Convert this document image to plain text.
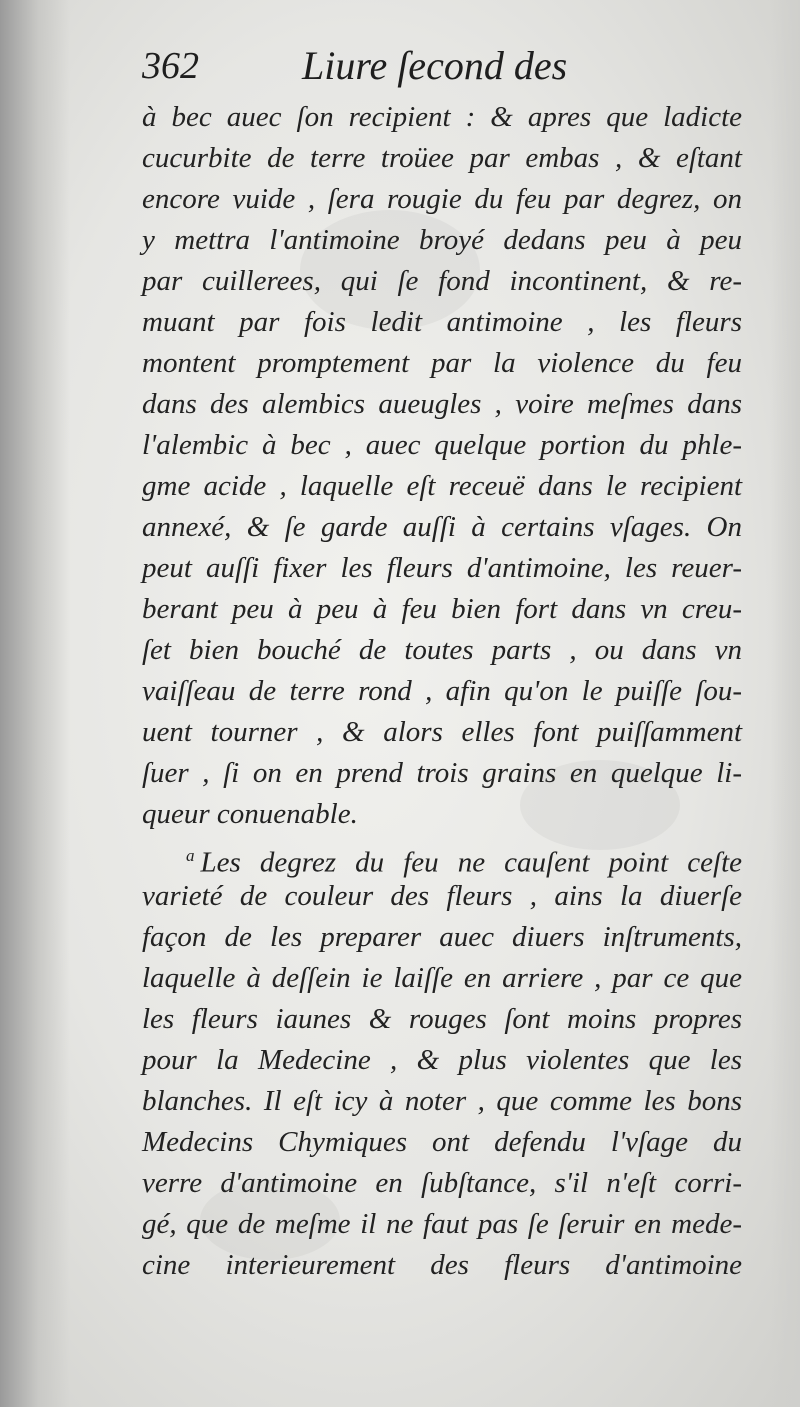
362	Liure ſecond des
à bec auec ſon recipient : & apres que ladicte
cucurbite de terre troüee par embas , & eſtant
encore vuide , ſera rougie du feu par degrez, on
y mettra l'antimoine broyé dedans peu à peu
par cuillerees, qui ſe fond incontinent, & re-
muant par fois ledit antimoine , les fleurs
montent promptement par la violence du feu
dans des alembics aueugles , voire meſmes dans
l'alembic à bec , auec quelque portion du phle-
gme acide , laquelle eſt receuë dans le recipient
annexé, & ſe garde auſſi à certains vſages. On
peut auſſi fixer les fleurs d'antimoine, les reuer-
berant peu à peu à feu bien fort dans vn creu-
ſet bien bouché de toutes parts , ou dans vn
vaiſſeau de terre rond , afin qu'on le puiſſe ſou-
uent tourner , & alors elles font puiſſamment
ſuer , ſi on en prend trois grains en quelque li-
queur conuenable.
$^a$ Les degrez du feu ne cauſent point ceſte
varieté de couleur des fleurs , ains la diuerſe
façon de les preparer auec diuers inſtruments,
laquelle à deſſein ie laiſſe en arriere , par ce que
les fleurs iaunes & rouges ſont moins propres
pour la Medecine , & plus violentes que les
blanches. Il eſt icy à noter , que comme les bons
Medecins Chymiques ont defendu l'vſage du
verre d'antimoine en ſubſtance, s'il n'eſt corri-
gé, que de meſme il ne faut pas ſe ſeruir en mede-
cine interieurement des fleurs d'antimoine
